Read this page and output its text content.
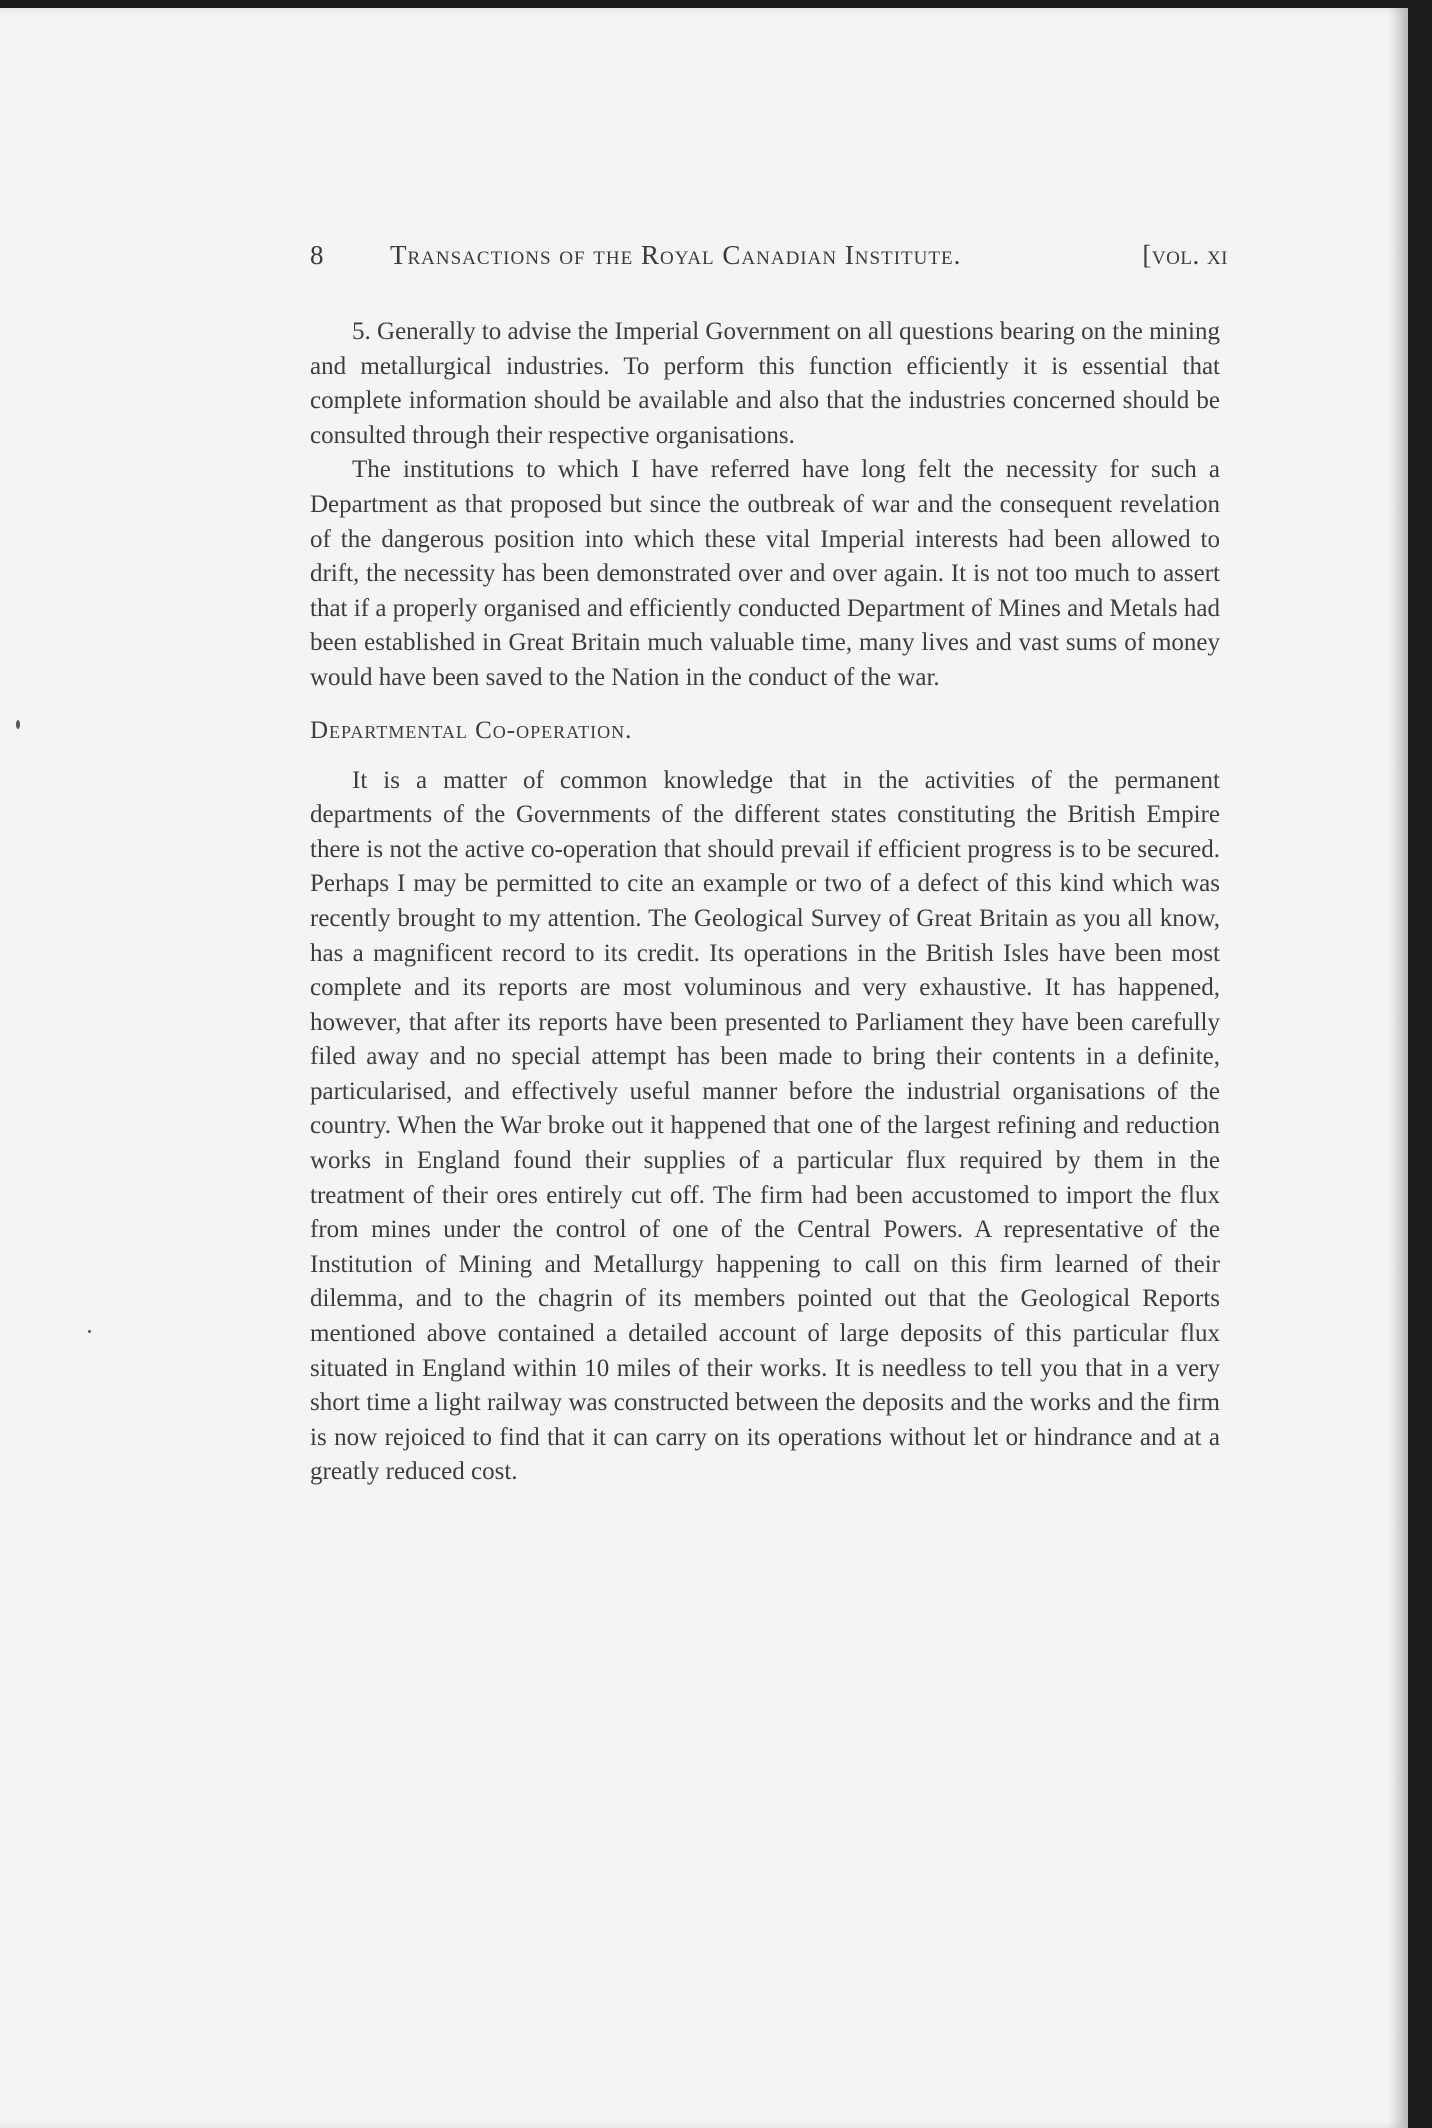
8 Transactions of the Royal Canadian Institute.	[vol. xi

5. Generally to advise the Imperial Government on all questions bearing on the mining and metallurgical industries. To perform this function efficiently it is essential that complete information should be available and also that the industries concerned should be consulted through their respective organisations.

The institutions to which I have referred have long felt the necessity for such a Department as that proposed but since the outbreak of war and the consequent revelation of the dangerous position into which these vital Imperial interests had been allowed to drift, the necessity has been demonstrated over and over again. It is not too much to assert that if a properly organised and efficiently conducted Department of Mines and Metals had been established in Great Britain much valuable time, many lives and vast sums of money would have been saved to the Nation in the conduct of the war.

Departmental Co-operation.

It is a matter of common knowledge that in the activities of the permanent departments of the Governments of the different states constituting the British Empire there is not the active co-operation that should prevail if efficient progress is to be secured. Perhaps I may be permitted to cite an example or two of a defect of this kind which was recently brought to my attention. The Geological Survey of Great Britain as you all know, has a magnificent record to its credit. Its operations in the British Isles have been most complete and its reports are most voluminous and very exhaustive. It has happened, however, that after its reports have been presented to Parliament they have been carefully filed away and no special attempt has been made to bring their contents in a definite, particularised, and effectively useful manner before the industrial organisations of the country. When the War broke out it happened that one of the largest refining and reduction works in England found their supplies of a particular flux required by them in the treatment of their ores entirely cut off. The firm had been accustomed to import the flux from mines under the control of one of the Central Powers. A representative of the Institution of Mining and Metallurgy happening to call on this firm learned of their dilemma, and to the chagrin of its members pointed out that the Geological Reports mentioned above contained a detailed account of large deposits of this particular flux situated in England within 10 miles of their works. It is needless to tell you that in a very short time a light railway was constructed between the deposits and the works and the firm is now rejoiced to find that it can carry on its operations without let or hindrance and at a greatly reduced cost.
